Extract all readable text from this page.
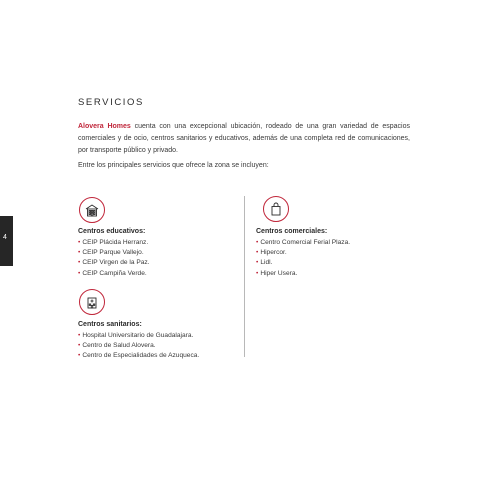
4
SERVICIOS

Alovera Homes cuenta con una excepcional ubicación, rodeado de una gran variedad de espacios comerciales y de ocio, centros sanitarios y educativos, además de una completa red de comunicaciones, por transporte público y privado.

Entre los principales servicios que ofrece la zona se incluyen:

Centros educativos:
• CEIP Plácida Herranz.
• CEIP Parque Vallejo.
• CEIP Virgen de la Paz.
• CEIP Campiña Verde.
Centros comerciales:
• Centro Comercial Ferial Plaza.
• Hipercor.
• Lidl.
• Hiper Usera.
Centros sanitarios:
• Hospital Universitario de Guadalajara.
• Centro de Salud Alovera.
• Centro de Especialidades de Azuqueca.
